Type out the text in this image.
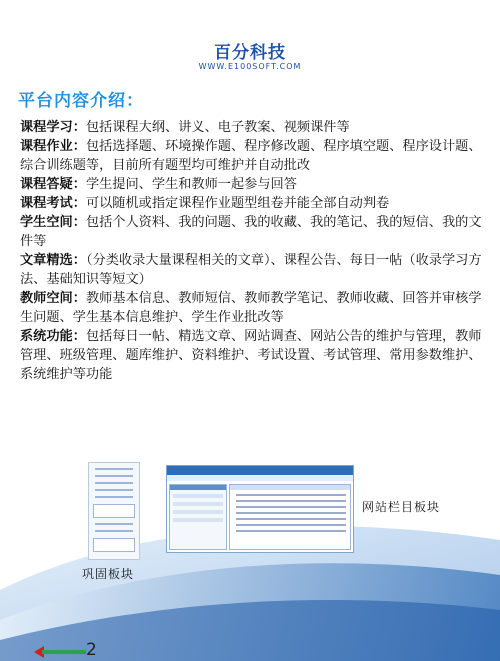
百分科技
WWW.E100SOFT.COM
平台内容介绍：

课程学习：包括课程大纲、讲义、电子教案、视频课件等

课程作业：包括选择题、环境操作题、程序修改题、程序填空题、程序设计题、综合训练题等，目前所有题型均可维护并自动批改

课程答疑：学生提问、学生和教师一起参与回答

课程考试：可以随机或指定课程作业题型组卷并能全部自动判卷

学生空间：包括个人资料、我的问题、我的收藏、我的笔记、我的短信、我的文件等

文章精选：（分类收录大量课程相关的文章）、课程公告、每日一帖（收录学习方法、基础知识等短文）

教师空间：教师基本信息、教师短信、教师教学笔记、教师收藏、回答并审核学生问题、学生基本信息维护、学生作业批改等

系统功能：包括每日一帖、精选文章、网站调查、网站公告的维护与管理，教师管理、班级管理、题库维护、资料维护、考试设置、考试管理、常用参数维护、系统维护等功能

巩固板块
网站栏目板块
2
